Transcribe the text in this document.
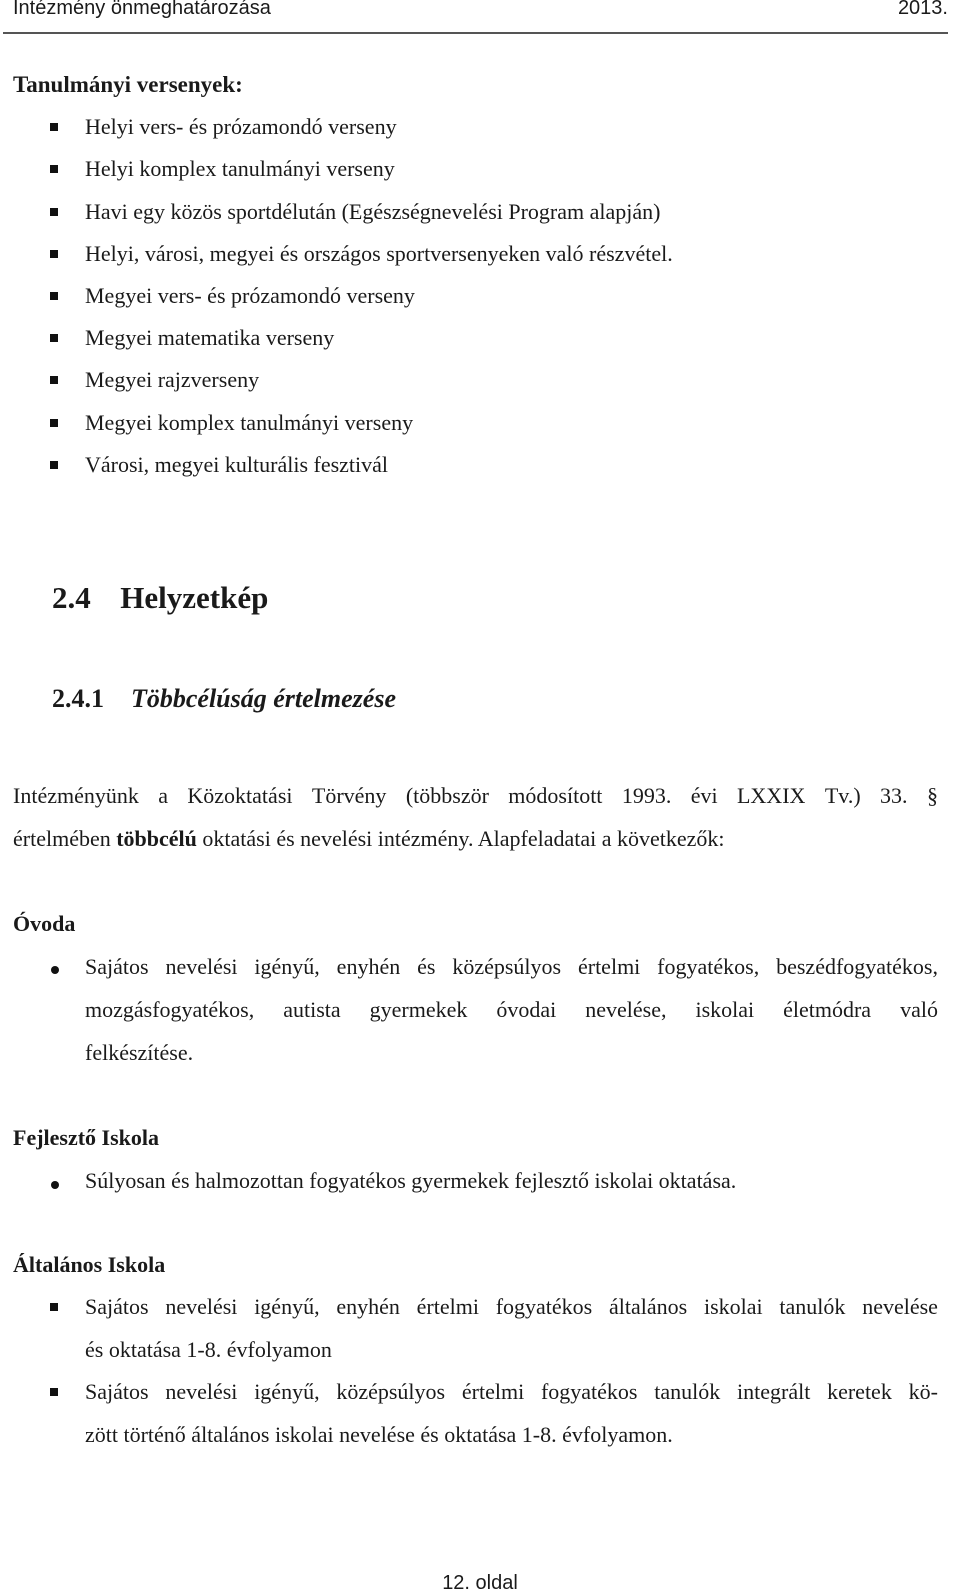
Intézmény önmeghatározása	2013.
Tanulmányi versenyek:
Helyi vers- és prózamondó verseny
Helyi komplex tanulmányi verseny
Havi egy közös sportdélután (Egészségnevelési Program alapján)
Helyi, városi, megyei és országos sportversenyeken való részvétel.
Megyei vers- és prózamondó verseny
Megyei matematika verseny
Megyei rajzverseny
Megyei komplex tanulmányi verseny
Városi, megyei kulturális fesztivál
2.4 Helyzetkép
2.4.1 Többcélúság értelmezése
Intézményünk a Közoktatási Törvény (többször módosított 1993. évi LXXIX Tv.) 33. §
értelmében többcélú oktatási és nevelési intézmény. Alapfeladatai a következők:
Óvoda
Sajátos nevelési igényű, enyhén és középsúlyos értelmi fogyatékos, beszédfogyatékos,
mozgásfogyatékos, autista gyermekek óvodai nevelése, iskolai életmódra való
felkészítése.
Fejlesztő Iskola
Súlyosan és halmozottan fogyatékos gyermekek fejlesztő iskolai oktatása.
Általános Iskola
Sajátos nevelési igényű, enyhén értelmi fogyatékos általános iskolai tanulók nevelése
és oktatása 1-8. évfolyamon
Sajátos nevelési igényű, középsúlyos értelmi fogyatékos tanulók integrált keretek kö-
zött történő általános iskolai nevelése és oktatása 1-8. évfolyamon.
12. oldal
